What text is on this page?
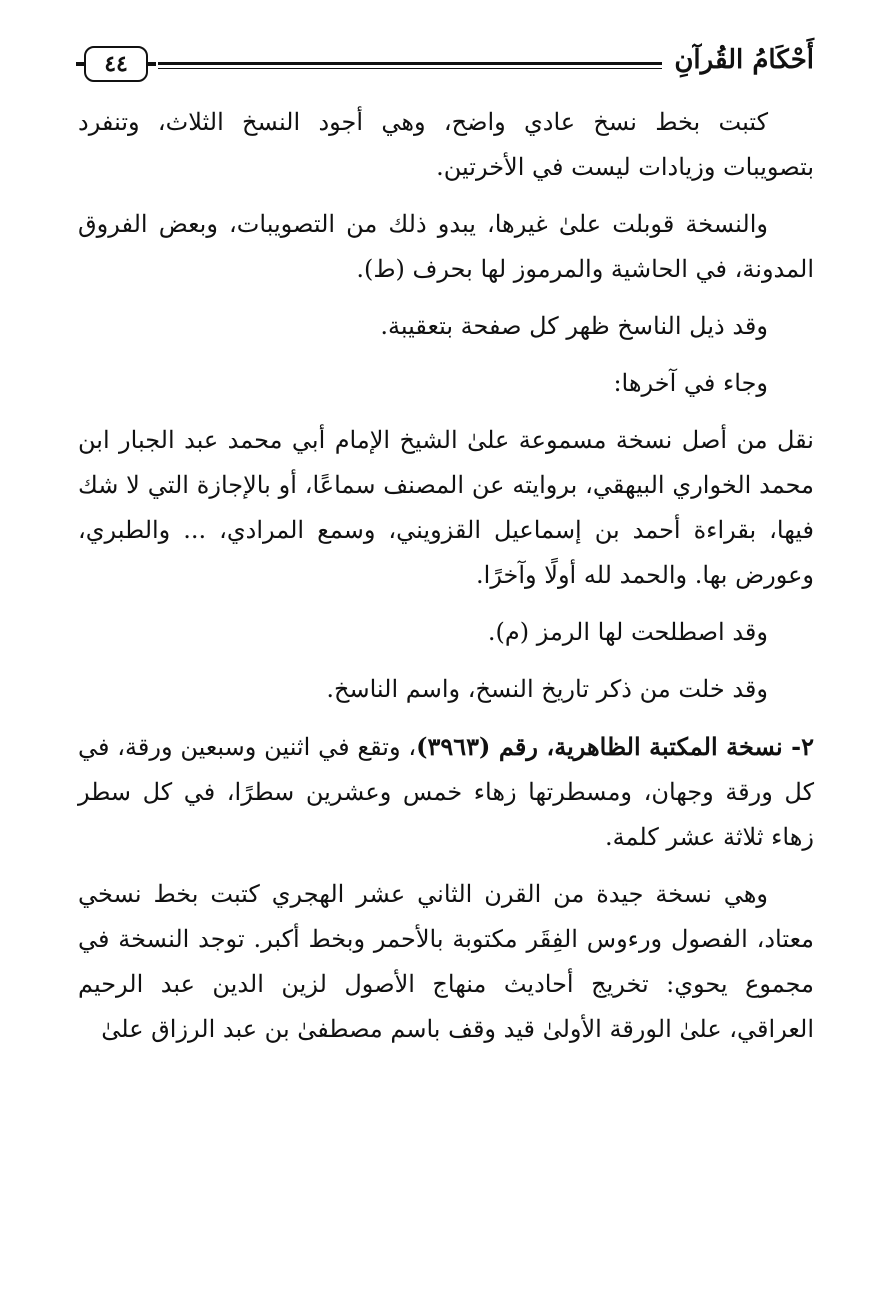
أَحْكَامُ القُرآنِ
٤٤

كتبت بخط نسخ عادي واضح، وهي أجود النسخ الثلاث، وتنفرد بتصويبات وزيادات ليست في الأخرتين.

والنسخة قوبلت علىٰ غيرها، يبدو ذلك من التصويبات، وبعض الفروق المدونة، في الحاشية والمرموز لها بحرف (ط).

وقد ذيل الناسخ ظهر كل صفحة بتعقيبة.

وجاء في آخرها:

نقل من أصل نسخة مسموعة علىٰ الشيخ الإمام أبي محمد عبد الجبار ابن محمد الخواري البيهقي، بروايته عن المصنف سماعًا، أو بالإجازة التي لا شك فيها، بقراءة أحمد بن إسماعيل القزويني، وسمع المرادي، ... والطبري، وعورض بها. والحمد لله أولًا وآخرًا.

وقد اصطلحت لها الرمز (م).

وقد خلت من ذكر تاريخ النسخ، واسم الناسخ.

٢- نسخة المكتبة الظاهرية، رقم (٣٩٦٣)، وتقع في اثنين وسبعين ورقة، في كل ورقة وجهان، ومسطرتها زهاء خمس وعشرين سطرًا، في كل سطر زهاء ثلاثة عشر كلمة.

وهي نسخة جيدة من القرن الثاني عشر الهجري كتبت بخط نسخي معتاد، الفصول ورءوس الفِقَر مكتوبة بالأحمر وبخط أكبر. توجد النسخة في مجموع يحوي: تخريج أحاديث منهاج الأصول لزين الدين عبد الرحيم العراقي، علىٰ الورقة الأولىٰ قيد وقف باسم مصطفىٰ بن عبد الرزاق علىٰ
